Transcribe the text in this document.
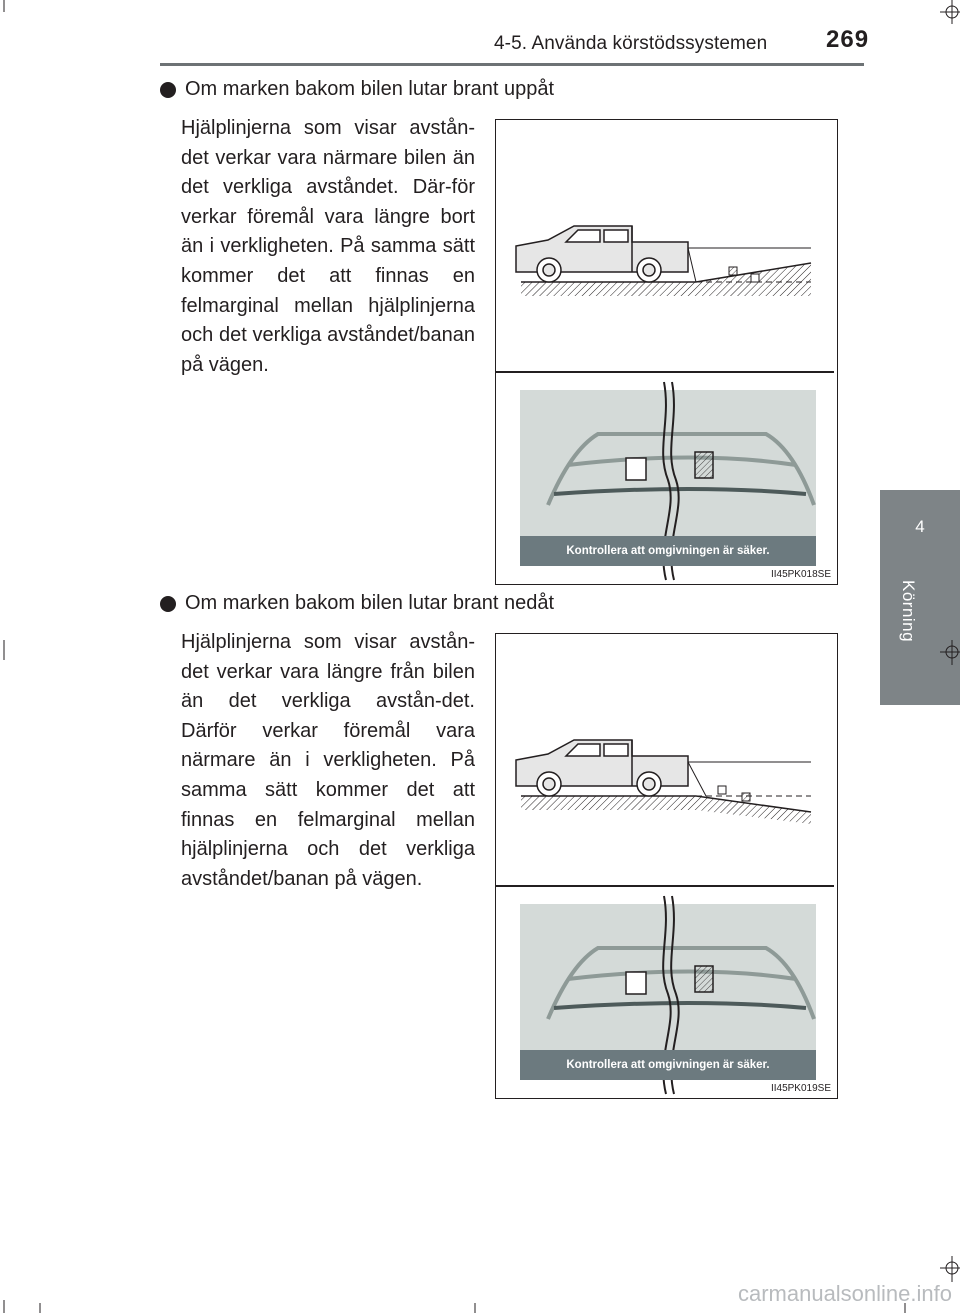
4-5. Använda körstödssystemen 269
4
Körning
Om marken bakom bilen lutar brant uppåt
Hjälplinjerna som visar avstån-det verkar vara närmare bilen än det verkliga avståndet. Där-för verkar föremål vara längre bort än i verkligheten. På samma sätt kommer det att finnas en felmarginal mellan hjälplinjerna och det verkliga avståndet/banan på vägen.
Kontrollera att omgivningen är säker.
II45PK018SE
Om marken bakom bilen lutar brant nedåt
Hjälplinjerna som visar avstån-det verkar vara längre från bilen än det verkliga avstån-det. Därför verkar föremål vara närmare än i verkligheten. På samma sätt kommer det att finnas en felmarginal mellan hjälplinjerna och det verkliga avståndet/banan på vägen.
Kontrollera att omgivningen är säker.
II45PK019SE
carmanualsonline.info
